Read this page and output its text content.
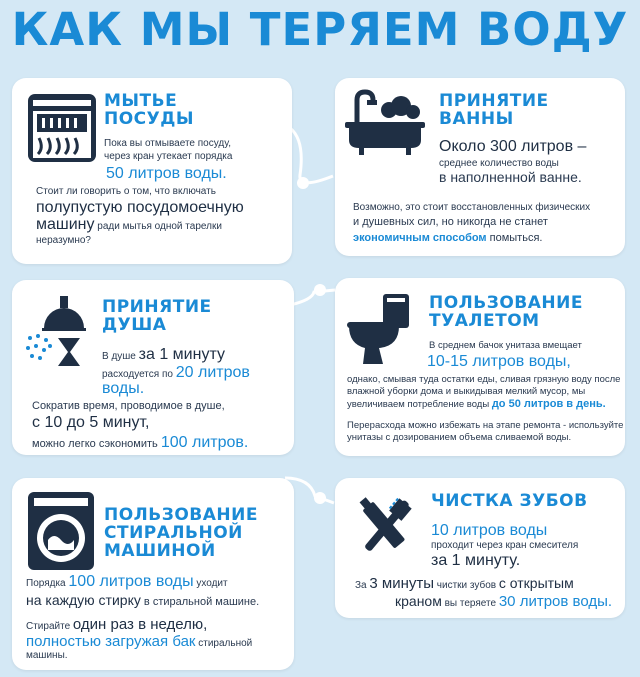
КАК МЫ ТЕРЯЕМ ВОДУ

МЫТЬЕ

ПОСУДЫ

Пока вы отмываете посуду,

через кран утекает порядка

50 литров воды.

Стоит ли говорить о том, что включать

полупустую посудомоечную

машину ради мытья одной тарелки

неразумно?

ПРИНЯТИЕ

ВАННЫ

Около 300 литров –

среднее количество воды

в наполненной ванне.

Возможно, это стоит восстановленных физических

и душевных сил, но никогда не станет

экономичным способом помыться.

ПРИНЯТИЕ

ДУША

В душе за 1 минуту

расходуется по 20 литров

воды.

Сократив время, проводимое в душе,

с 10 до 5 минут,

можно легко сэкономить 100 литров.

ПОЛЬЗОВАНИЕ

ТУАЛЕТОМ

В среднем бачок унитаза вмещает

10-15 литров воды,

однако, смывая туда остатки еды, сливая грязную воду после

влажной уборки дома и выкидывая мелкий мусор, мы

увеличиваем потребление воды до 50 литров в день.

Перерасхода можно избежать на этапе ремонта - используйте

унитазы с дозированием объема сливаемой воды.

ПОЛЬЗОВАНИЕ

СТИРАЛЬНОЙ

МАШИНОЙ

Порядка 100 литров воды уходит

на каждую стирку в стиральной машине.

Стирайте один раз в неделю,

полностью загружая бак стиральной

машины.

ЧИСТКА ЗУБОВ

10 литров воды

проходит через кран смесителя

за 1 минуту.

За 3 минуты чистки зубов с открытым

краном вы теряете 30 литров воды.
